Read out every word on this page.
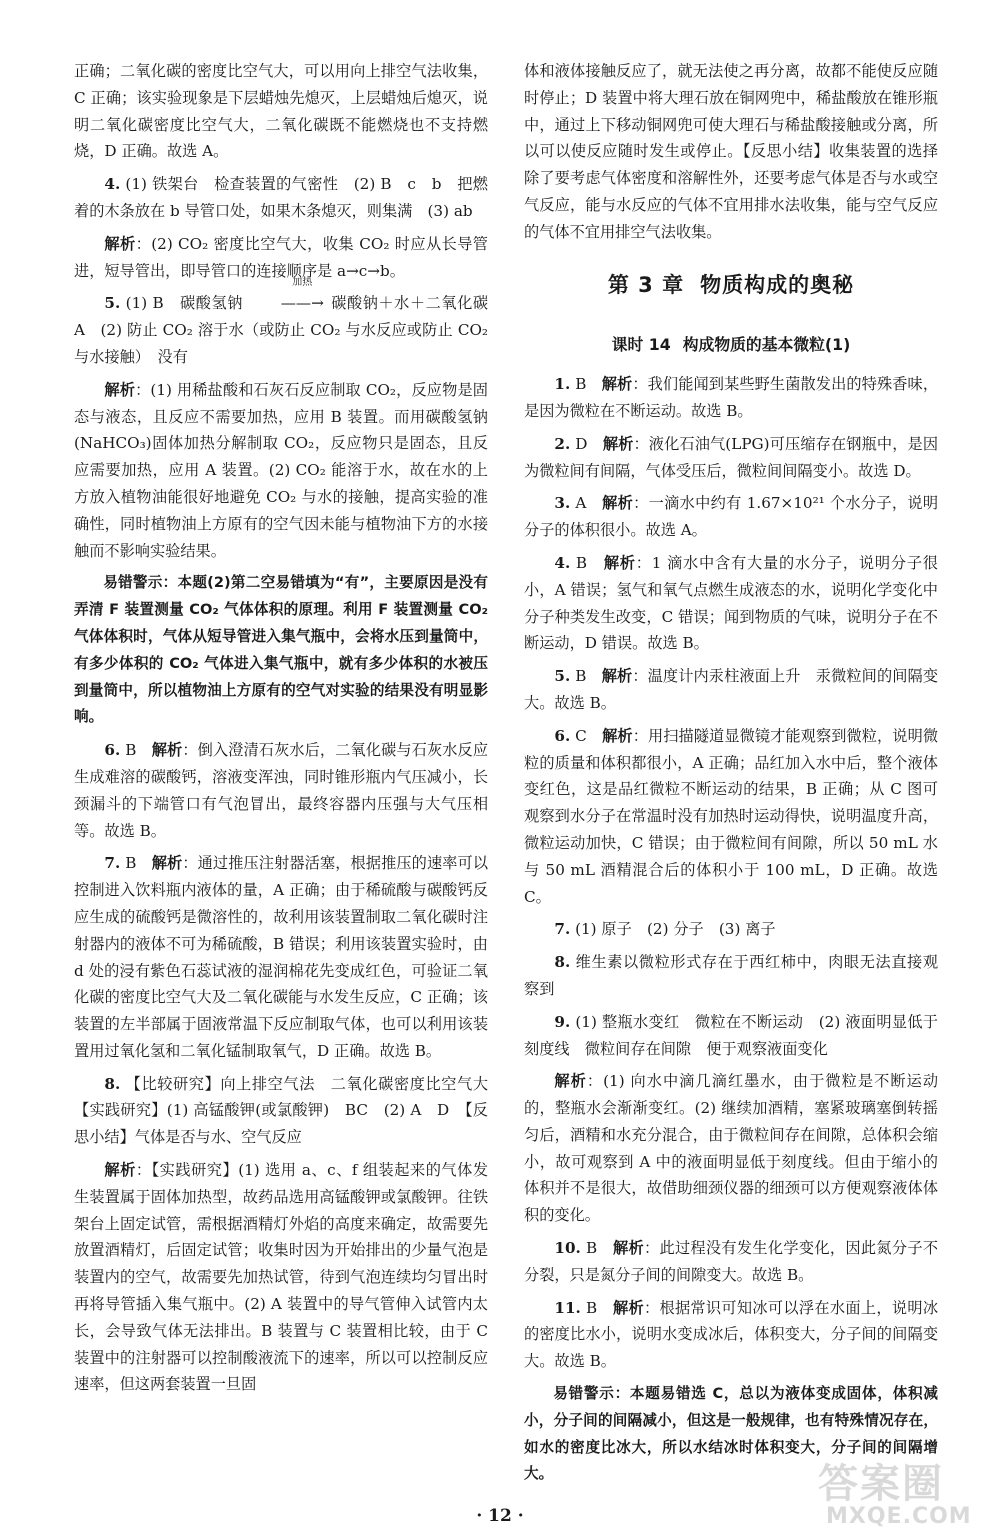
正确；二氧化碳的密度比空气大，可以用向上排空气法收集，C 正确；该实验现象是下层蜡烛先熄灭，上层蜡烛后熄灭，说明二氧化碳密度比空气大，二氧化碳既不能燃烧也不支持燃烧，D 正确。故选 A。

4. (1) 铁架台　检查装置的气密性　(2) B　c　b　把燃着的木条放在 b 导管口处，如果木条熄灭，则集满　(3) ab

解析：(2) CO₂ 密度比空气大，收集 CO₂ 时应从长导管进，短导管出，即导管口的连接顺序是 a→c→b。

5. (1) B　碳酸氢钠
加热
——→ 碳酸钠＋水＋二氧化碳　A　(2) 防止 CO₂ 溶于水（或防止 CO₂ 与水反应或防止 CO₂ 与水接触）　没有

解析：(1) 用稀盐酸和石灰石反应制取 CO₂，反应物是固态与液态，且反应不需要加热，应用 B 装置。而用碳酸氢钠(NaHCO₃)固体加热分解制取 CO₂，反应物只是固态，且反应需要加热，应用 A 装置。(2) CO₂ 能溶于水，故在水的上方放入植物油能很好地避免 CO₂ 与水的接触，提高实验的准确性，同时植物油上方原有的空气因未能与植物油下方的水接触而不影响实验结果。

易错警示：本题(2)第二空易错填为“有”，主要原因是没有弄清 F 装置测量 CO₂ 气体体积的原理。利用 F 装置测量 CO₂ 气体体积时，气体从短导管进入集气瓶中，会将水压到量筒中，有多少体积的 CO₂ 气体进入集气瓶中，就有多少体积的水被压到量筒中，所以植物油上方原有的空气对实验的结果没有明显影响。

6. B　 解析：倒入澄清石灰水后，二氧化碳与石灰水反应生成难溶的碳酸钙，溶液变浑浊，同时锥形瓶内气压减小，长颈漏斗的下端管口有气泡冒出，最终容器内压强与大气压相等。故选 B。

7. B　 解析：通过推压注射器活塞，根据推压的速率可以控制进入饮料瓶内液体的量，A 正确；由于稀硫酸与碳酸钙反应生成的硫酸钙是微溶性的，故利用该装置制取二氧化碳时注射器内的液体不可为稀硫酸，B 错误；利用该装置实验时，由 d 处的浸有紫色石蕊试液的湿润棉花先变成红色，可验证二氧化碳的密度比空气大及二氧化碳能与水发生反应，C 正确；该装置的左半部属于固液常温下反应制取气体，也可以利用该装置用过氧化氢和二氧化锰制取氧气，D 正确。故选 B。

8. 【比较研究】向上排空气法　二氧化碳密度比空气大　【实践研究】(1) 高锰酸钾(或氯酸钾)　BC　(2) A　D　【反思小结】气体是否与水、空气反应

解析：【实践研究】(1) 选用 a、c、f 组装起来的气体发生装置属于固体加热型，故药品选用高锰酸钾或氯酸钾。往铁架台上固定试管，需根据酒精灯外焰的高度来确定，故需要先放置酒精灯，后固定试管；收集时因为开始排出的少量气泡是装置内的空气，故需要先加热试管，待到气泡连续均匀冒出时再将导管插入集气瓶中。(2) A 装置中的导气管伸入试管内太长，会导致气体无法排出。B 装置与 C 装置相比较，由于 C 装置中的注射器可以控制酸液流下的速率，所以可以控制反应速率，但这两套装置一旦固

体和液体接触反应了，就无法使之再分离，故都不能使反应随时停止；D 装置中将大理石放在铜网兜中，稀盐酸放在锥形瓶中，通过上下移动铜网兜可使大理石与稀盐酸接触或分离，所以可以使反应随时发生或停止。【反思小结】收集装置的选择除了要考虑气体密度和溶解性外，还要考虑气体是否与水或空气反应，能与水反应的气体不宜用排水法收集，能与空气反应的气体不宜用排空气法收集。

第 3 章 物质构成的奥秘
课时 14 构成物质的基本微粒(1)

1. B　 解析：我们能闻到某些野生菌散发出的特殊香味，是因为微粒在不断运动。故选 B。

2. D　 解析：液化石油气(LPG)可压缩存在钢瓶中，是因为微粒间有间隔，气体受压后，微粒间间隔变小。故选 D。

3. A　 解析：一滴水中约有 1.67×10²¹ 个水分子，说明分子的体积很小。故选 A。

4. B　 解析：1 滴水中含有大量的水分子，说明分子很小，A 错误；氢气和氧气点燃生成液态的水，说明化学变化中分子种类发生改变，C 错误；闻到物质的气味，说明分子在不断运动，D 错误。故选 B。

5. B　 解析：温度计内汞柱液面上升　汞微粒间的间隔变大。故选 B。

6. C　 解析：用扫描隧道显微镜才能观察到微粒，说明微粒的质量和体积都很小，A 正确；品红加入水中后，整个液体变红色，这是品红微粒不断运动的结果，B 正确；从 C 图可观察到水分子在常温时没有加热时运动得快，说明温度升高，微粒运动加快，C 错误；由于微粒间有间隙，所以 50 mL 水与 50 mL 酒精混合后的体积小于 100 mL，D 正确。故选 C。

7. (1) 原子　(2) 分子　(3) 离子

8. 维生素以微粒形式存在于西红柿中，肉眼无法直接观察到

9. (1) 整瓶水变红　微粒在不断运动　(2) 液面明显低于刻度线　微粒间存在间隙　便于观察液面变化

解析：(1) 向水中滴几滴红墨水，由于微粒是不断运动的，整瓶水会渐渐变红。(2) 继续加酒精，塞紧玻璃塞倒转摇匀后，酒精和水充分混合，由于微粒间存在间隙，总体积会缩小，故可观察到 A 中的液面明显低于刻度线。但由于缩小的体积并不是很大，故借助细颈仪器的细颈可以方便观察液体体积的变化。

10. B　 解析：此过程没有发生化学变化，因此氮分子不分裂，只是氮分子间的间隙变大。故选 B。

11. B　 解析：根据常识可知冰可以浮在水面上，说明冰的密度比水小，说明水变成冰后，体积变大，分子间的间隔变大。故选 B。

易错警示：本题易错选 C，总以为液体变成固体，体积减小，分子间的间隔减小，但这是一般规律，也有特殊情况存在，如水的密度比冰大，所以水结冰时体积变大，分子间的间隔增大。

· 12 ·
答案圈
MXQE.COM
